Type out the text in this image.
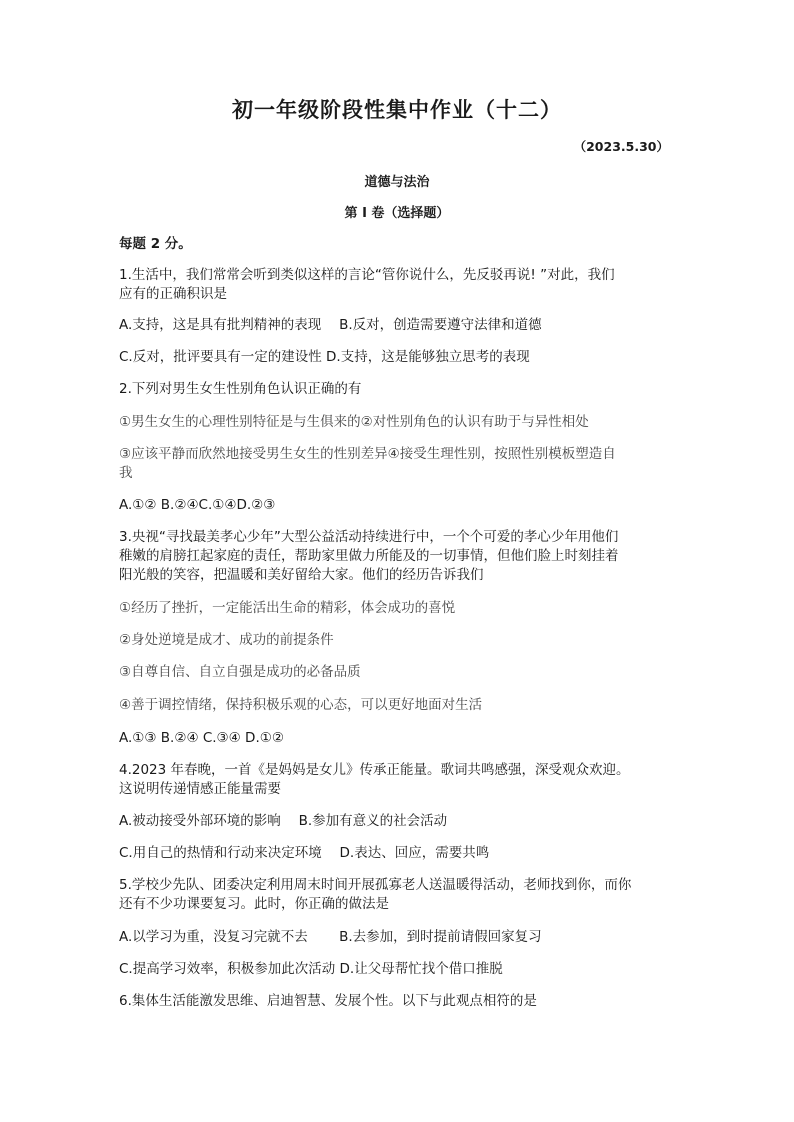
初一年级阶段性集中作业（十二）
（2023.5.30）
道德与法治
第 I 卷（选择题）
每题 2 分。
1.生活中，我们常常会听到类似这样的言论“管你说什么，先反驳再说! ”对此，我们
应有的正确积识是
A.支持，这是具有批判精神的表现 　B.反对，创造需要遵守法律和道德
C.反对，批评要具有一定的建设性 D.支持，这是能够独立思考的表现
2.下列对男生女生性别角色认识正确的有
①男生女生的心理性别特征是与生俱来的②对性别角色的认识有助于与异性相处
③应该平静而欣然地接受男生女生的性别差异④接受生理性别，按照性别模板塑造自
我
A.①② B.②④C.①④D.②③
3.央视“寻找最美孝心少年”大型公益活动持续进行中，一个个可爱的孝心少年用他们
稚嫩的肩膀扛起家庭的责任，帮助家里做力所能及的一切事情，但他们脸上时刻挂着
阳光般的笑容，把温暖和美好留给大家。他们的经历告诉我们
①经历了挫折，一定能活出生命的精彩，体会成功的喜悦
②身处逆境是成才、成功的前提条件
③自尊自信、自立自强是成功的必备品质
④善于调控情绪，保持积极乐观的心态，可以更好地面对生活
A.①③ B.②④ C.③④ D.①②
4.2023 年春晚，一首《是妈妈是女儿》传承正能量。歌词共鸣感强，深受观众欢迎。
这说明传递情感正能量需要
A.被动接受外部环境的影响 　B.参加有意义的社会活动
C.用自己的热情和行动来决定环境 　D.表达、回应，需要共鸣
5.学校少先队、团委决定利用周末时间开展孤寡老人送温暖得活动，老师找到你，而你
还有不少功课要复习。此时，你正确的做法是
A.以学习为重，没复习完就不去 　　B.去参加，到时提前请假回家复习
C.提高学习效率，积极参加此次活动 D.让父母帮忙找个借口推脱
6.集体生活能激发思维、启迪智慧、发展个性。以下与此观点相符的是
